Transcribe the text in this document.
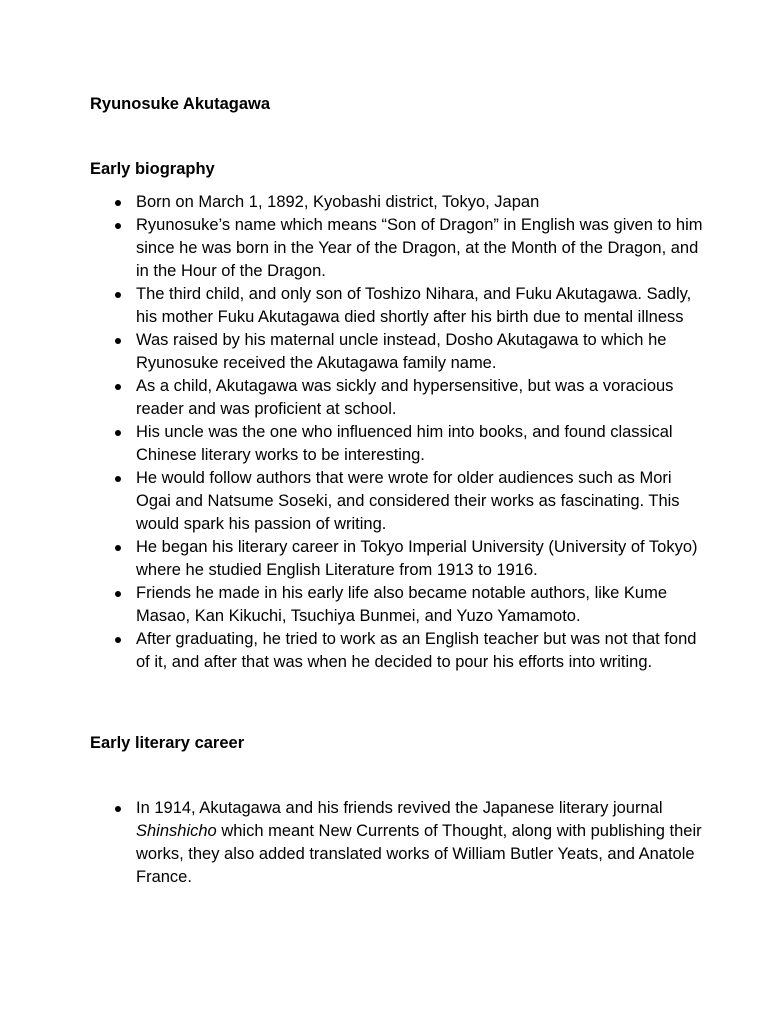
Ryunosuke Akutagawa
Early biography
Born on March 1, 1892, Kyobashi district, Tokyo, Japan
Ryunosuke’s name which means “Son of Dragon” in English was given to him since he was born in the Year of the Dragon, at the Month of the Dragon, and in the Hour of the Dragon.
The third child, and only son of Toshizo Nihara, and Fuku Akutagawa. Sadly, his mother Fuku Akutagawa died shortly after his birth due to mental illness
Was raised by his maternal uncle instead, Dosho Akutagawa to which he Ryunosuke received the Akutagawa family name.
As a child, Akutagawa was sickly and hypersensitive, but was a voracious reader and was proficient at school.
His uncle was the one who influenced him into books, and found classical Chinese literary works to be interesting.
He would follow authors that were wrote for older audiences such as Mori Ogai and Natsume Soseki, and considered their works as fascinating. This would spark his passion of writing.
He began his literary career in Tokyo Imperial University (University of Tokyo) where he studied English Literature from 1913 to 1916.
Friends he made in his early life also became notable authors, like Kume Masao, Kan Kikuchi, Tsuchiya Bunmei, and Yuzo Yamamoto.
After graduating, he tried to work as an English teacher but was not that fond of it, and after that was when he decided to pour his efforts into writing.
Early literary career
In 1914, Akutagawa and his friends revived the Japanese literary journal Shinshicho which meant New Currents of Thought, along with publishing their works, they also added translated works of William Butler Yeats, and Anatole France.
